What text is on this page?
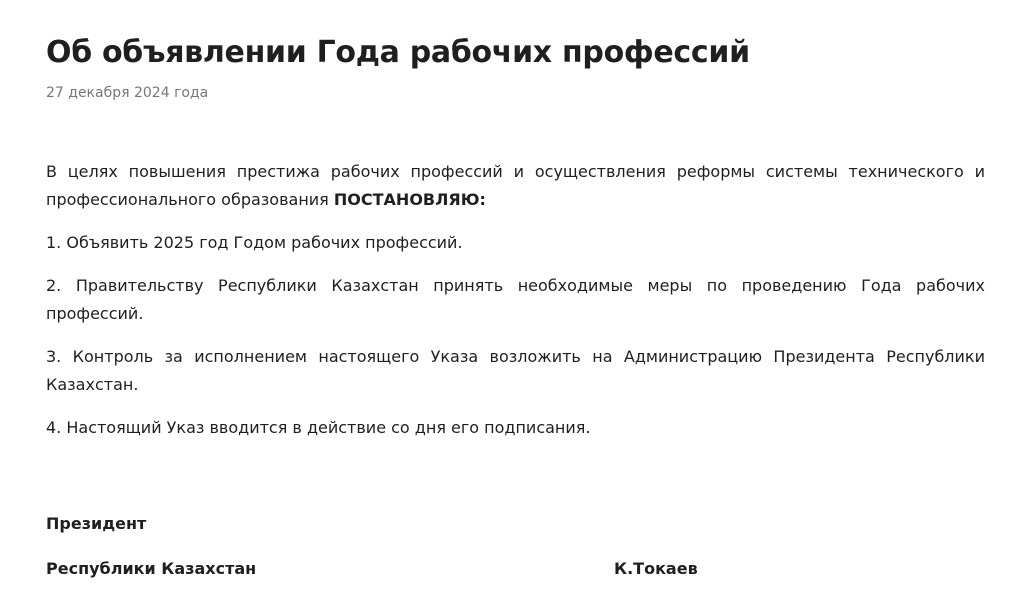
Об объявлении Года рабочих профессий
27 декабря 2024 года

В целях повышения престижа рабочих профессий и осуществления реформы системы технического и профессионального образования ПОСТАНОВЛЯЮ:

1. Объявить 2025 год Годом рабочих профессий.

2. Правительству Республики Казахстан принять необходимые меры по проведению Года рабочих профессий.

3. Контроль за исполнением настоящего Указа возложить на Администрацию Президента Республики Казахстан.

4. Настоящий Указ вводится в действие со дня его подписания.

Президент
Республики Казахстан	К.Токаев
